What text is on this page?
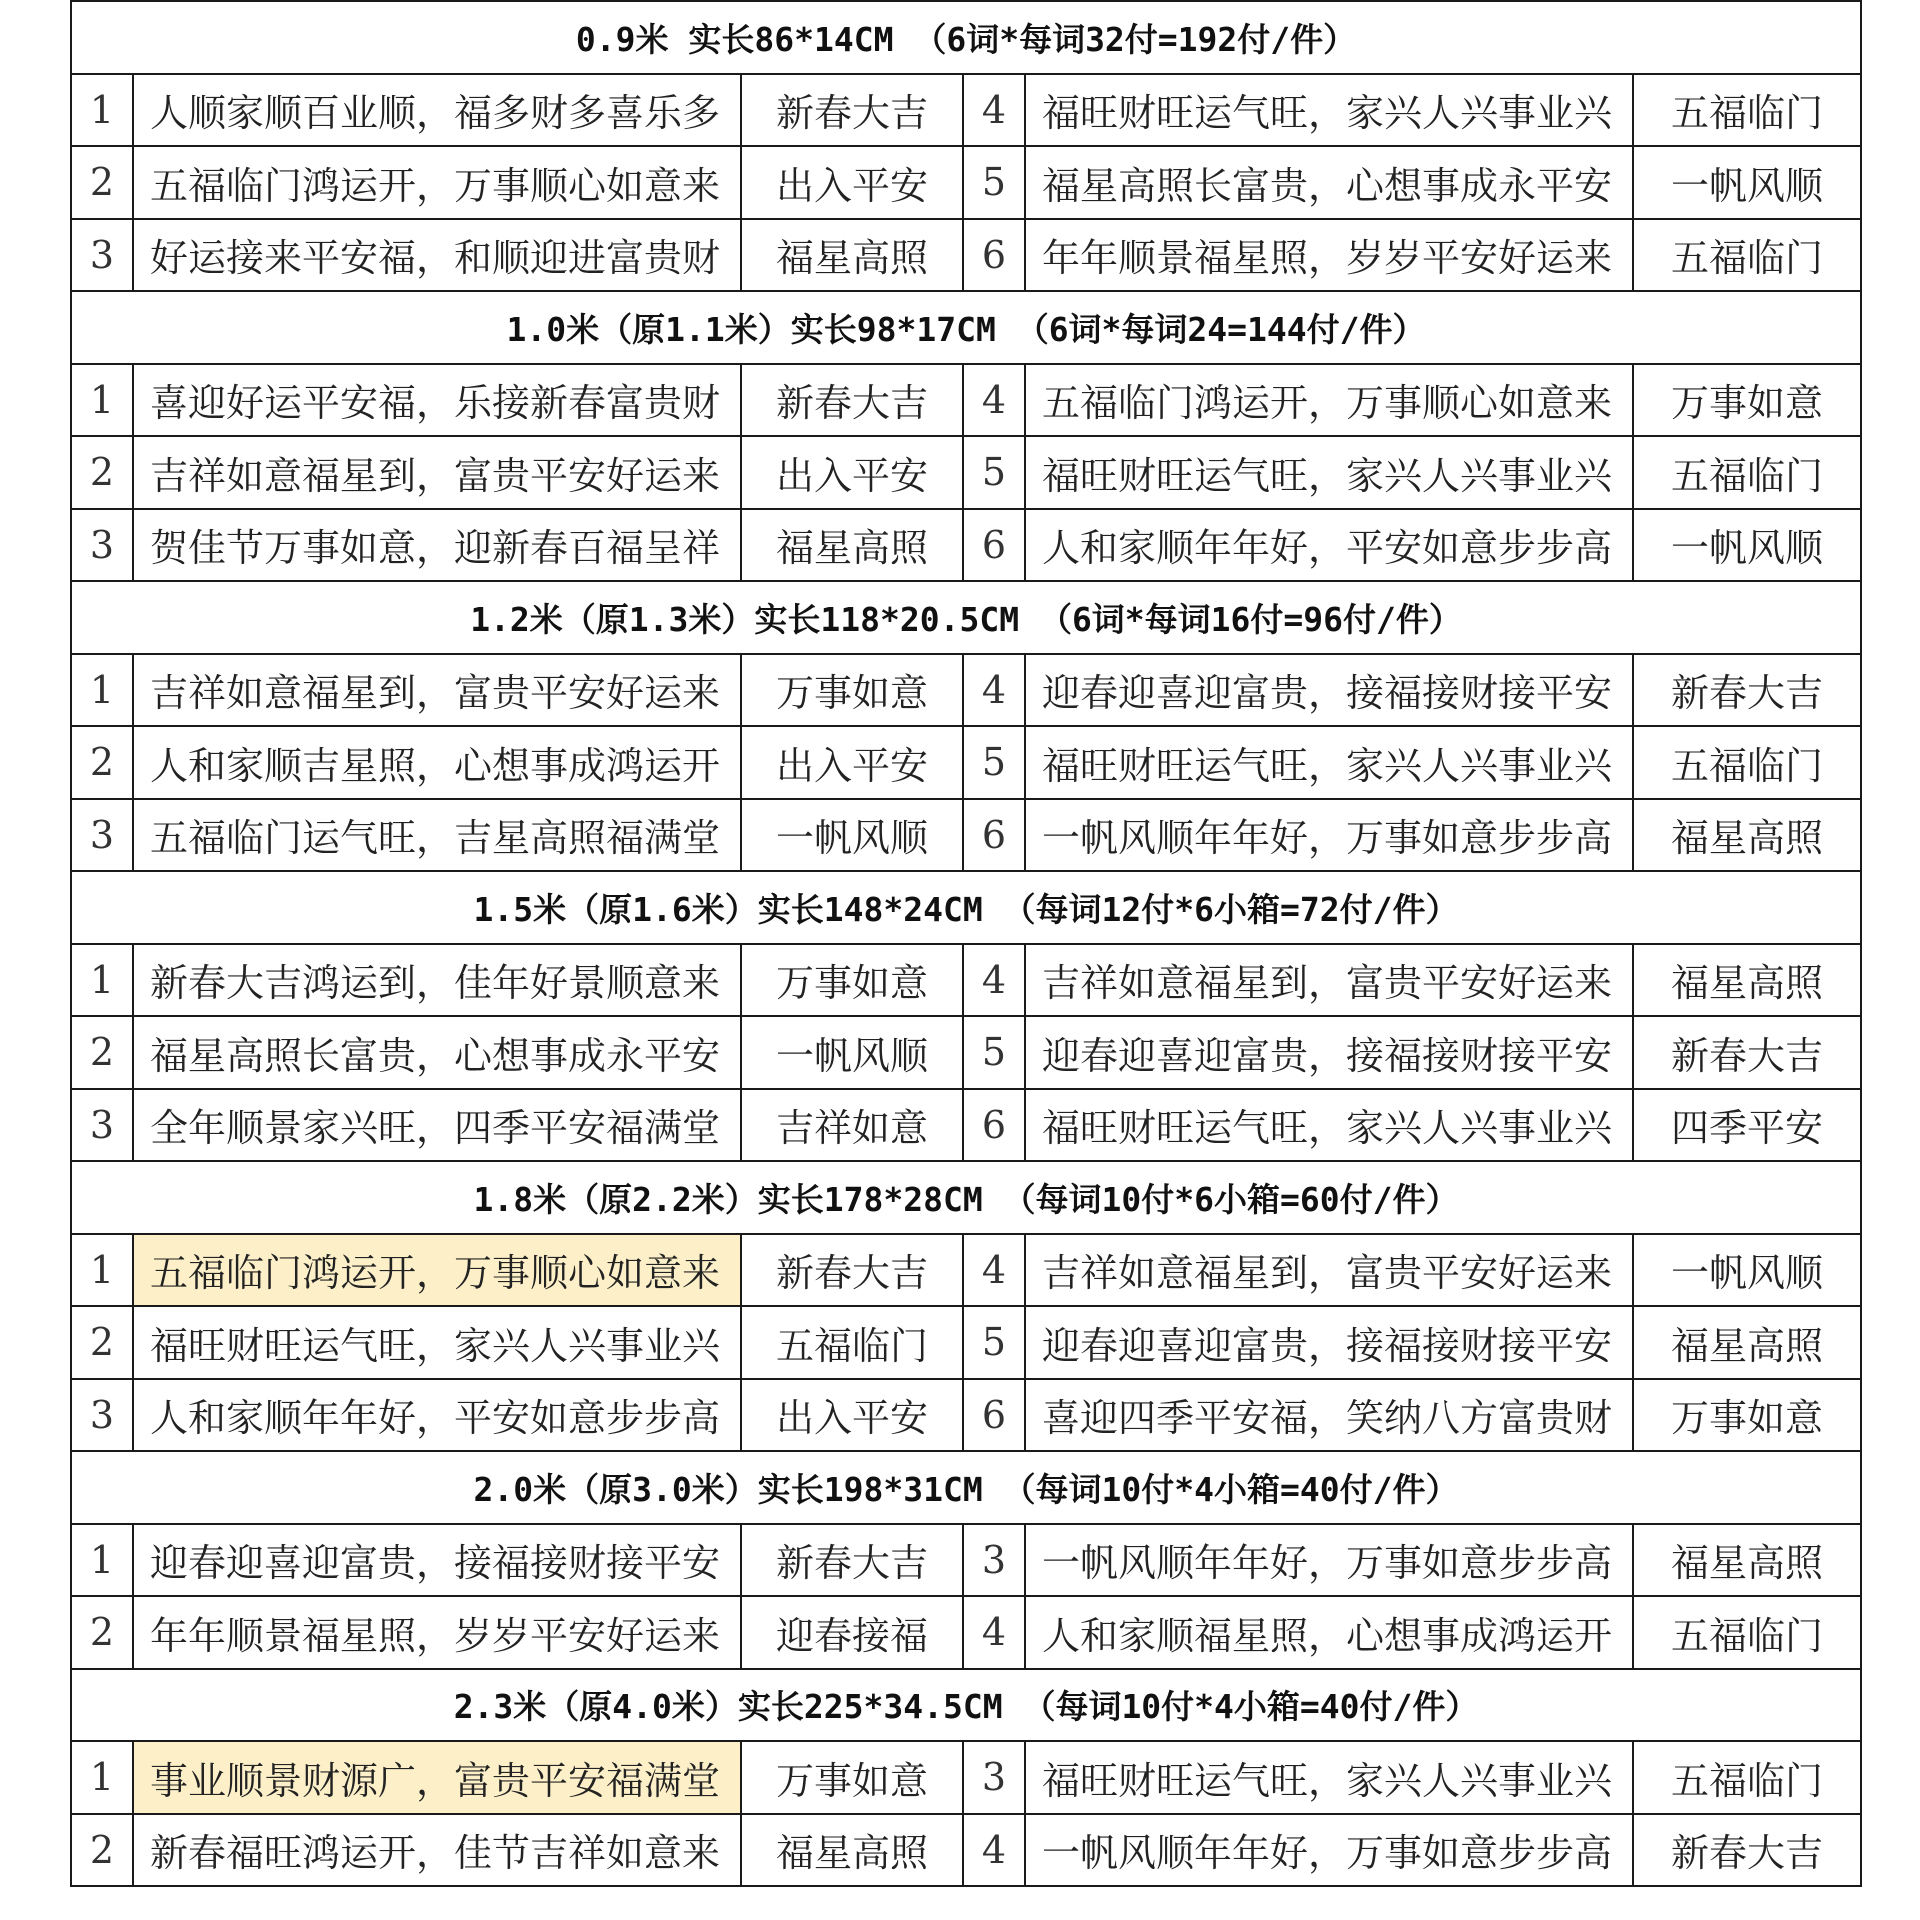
0.9米 实长86*14CM （6词*每词32付=192付/件）					
1	人顺家顺百业顺，福多财多喜乐多	新春大吉	4	福旺财旺运气旺，家兴人兴事业兴	五福临门
2	五福临门鸿运开，万事顺心如意来	出入平安	5	福星高照长富贵，心想事成永平安	一帆风顺
3	好运接来平安福，和顺迎进富贵财	福星高照	6	年年顺景福星照，岁岁平安好运来	五福临门
1.0米（原1.1米）实长98*17CM （6词*每词24=144付/件）					
1	喜迎好运平安福，乐接新春富贵财	新春大吉	4	五福临门鸿运开，万事顺心如意来	万事如意
2	吉祥如意福星到，富贵平安好运来	出入平安	5	福旺财旺运气旺，家兴人兴事业兴	五福临门
3	贺佳节万事如意，迎新春百福呈祥	福星高照	6	人和家顺年年好，平安如意步步高	一帆风顺
1.2米（原1.3米）实长118*20.5CM （6词*每词16付=96付/件）					
1	吉祥如意福星到，富贵平安好运来	万事如意	4	迎春迎喜迎富贵，接福接财接平安	新春大吉
2	人和家顺吉星照，心想事成鸿运开	出入平安	5	福旺财旺运气旺，家兴人兴事业兴	五福临门
3	五福临门运气旺，吉星高照福满堂	一帆风顺	6	一帆风顺年年好，万事如意步步高	福星高照
1.5米（原1.6米）实长148*24CM （每词12付*6小箱=72付/件）					
1	新春大吉鸿运到，佳年好景顺意来	万事如意	4	吉祥如意福星到，富贵平安好运来	福星高照
2	福星高照长富贵，心想事成永平安	一帆风顺	5	迎春迎喜迎富贵，接福接财接平安	新春大吉
3	全年顺景家兴旺，四季平安福满堂	吉祥如意	6	福旺财旺运气旺，家兴人兴事业兴	四季平安
1.8米（原2.2米）实长178*28CM （每词10付*6小箱=60付/件）					
1	五福临门鸿运开，万事顺心如意来	新春大吉	4	吉祥如意福星到，富贵平安好运来	一帆风顺
2	福旺财旺运气旺，家兴人兴事业兴	五福临门	5	迎春迎喜迎富贵，接福接财接平安	福星高照
3	人和家顺年年好，平安如意步步高	出入平安	6	喜迎四季平安福，笑纳八方富贵财	万事如意
2.0米（原3.0米）实长198*31CM （每词10付*4小箱=40付/件）					
1	迎春迎喜迎富贵，接福接财接平安	新春大吉	3	一帆风顺年年好，万事如意步步高	福星高照
2	年年顺景福星照，岁岁平安好运来	迎春接福	4	人和家顺福星照，心想事成鸿运开	五福临门
2.3米（原4.0米）实长225*34.5CM （每词10付*4小箱=40付/件）					
1	事业顺景财源广，富贵平安福满堂	万事如意	3	福旺财旺运气旺，家兴人兴事业兴	五福临门
2	新春福旺鸿运开，佳节吉祥如意来	福星高照	4	一帆风顺年年好，万事如意步步高	新春大吉
